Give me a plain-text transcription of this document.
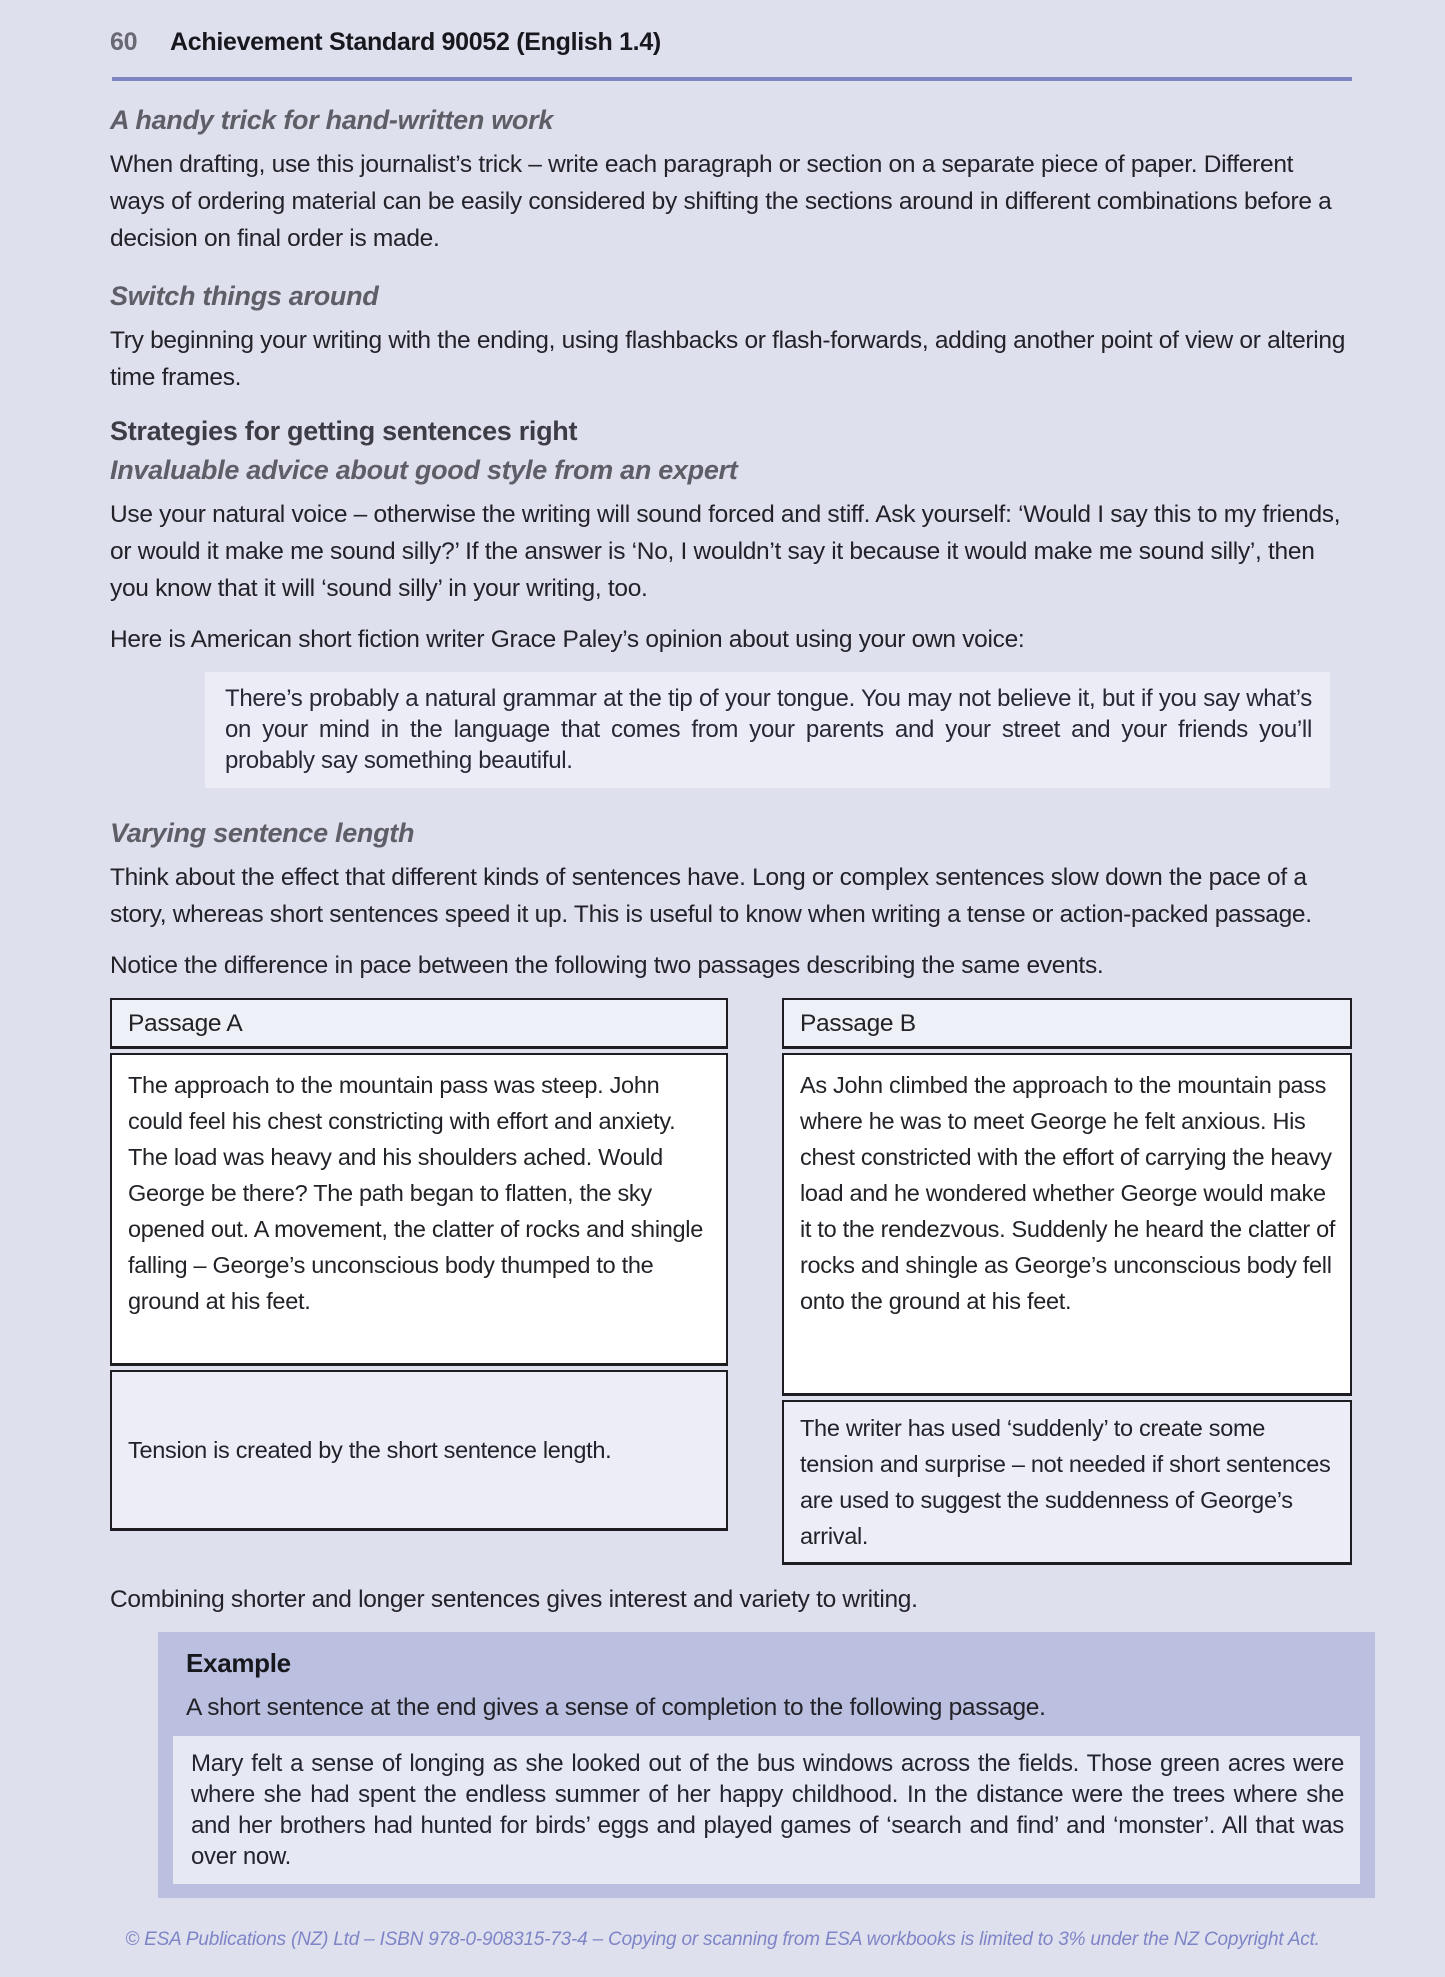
60	Achievement Standard 90052 (English 1.4)
A handy trick for hand-written work

When drafting, use this journalist’s trick – write each paragraph or section on a separate piece of paper. Different ways of ordering material can be easily considered by shifting the sections around in different combinations before a decision on final order is made.

Switch things around

Try beginning your writing with the ending, using flashbacks or flash-forwards, adding another point of view or altering time frames.

Strategies for getting sentences right
Invaluable advice about good style from an expert

Use your natural voice – otherwise the writing will sound forced and stiff. Ask yourself: ‘Would I say this to my friends, or would it make me sound silly?’ If the answer is ‘No, I wouldn’t say it because it would make me sound silly’, then you know that it will ‘sound silly’ in your writing, too.

Here is American short fiction writer Grace Paley’s opinion about using your own voice:

There’s probably a natural grammar at the tip of your tongue. You may not believe it, but if you say what’s on your mind in the language that comes from your parents and your street and your friends you’ll probably say something beautiful.
Varying sentence length

Think about the effect that different kinds of sentences have. Long or complex sentences slow down the pace of a story, whereas short sentences speed it up. This is useful to know when writing a tense or action-packed passage.

Notice the difference in pace between the following two passages describing the same events.

Passage A
The approach to the mountain pass was steep. John could feel his chest constricting with effort and anxiety. The load was heavy and his shoulders ached. Would George be there? The path began to flatten, the sky opened out. A movement, the clatter of rocks and shingle falling – George’s unconscious body thumped to the ground at his feet.
Tension is created by the short sentence length.
Passage B
As John climbed the approach to the mountain pass where he was to meet George he felt anxious. His chest constricted with the effort of carrying the heavy load and he wondered whether George would make it to the rendezvous. Suddenly he heard the clatter of rocks and shingle as George’s unconscious body fell onto the ground at his feet.
The writer has used ‘suddenly’ to create some tension and surprise – not needed if short sentences are used to suggest the suddenness of George’s arrival.

Combining shorter and longer sentences gives interest and variety to writing.

Example
A short sentence at the end gives a sense of completion to the following passage.
Mary felt a sense of longing as she looked out of the bus windows across the fields. Those green acres were where she had spent the endless summer of her happy childhood. In the distance were the trees where she and her brothers had hunted for birds’ eggs and played games of ‘search and find’ and ‘monster’. All that was over now.
© ESA Publications (NZ) Ltd – ISBN 978-0-908315-73-4 – Copying or scanning from ESA workbooks is limited to 3% under the NZ Copyright Act.
